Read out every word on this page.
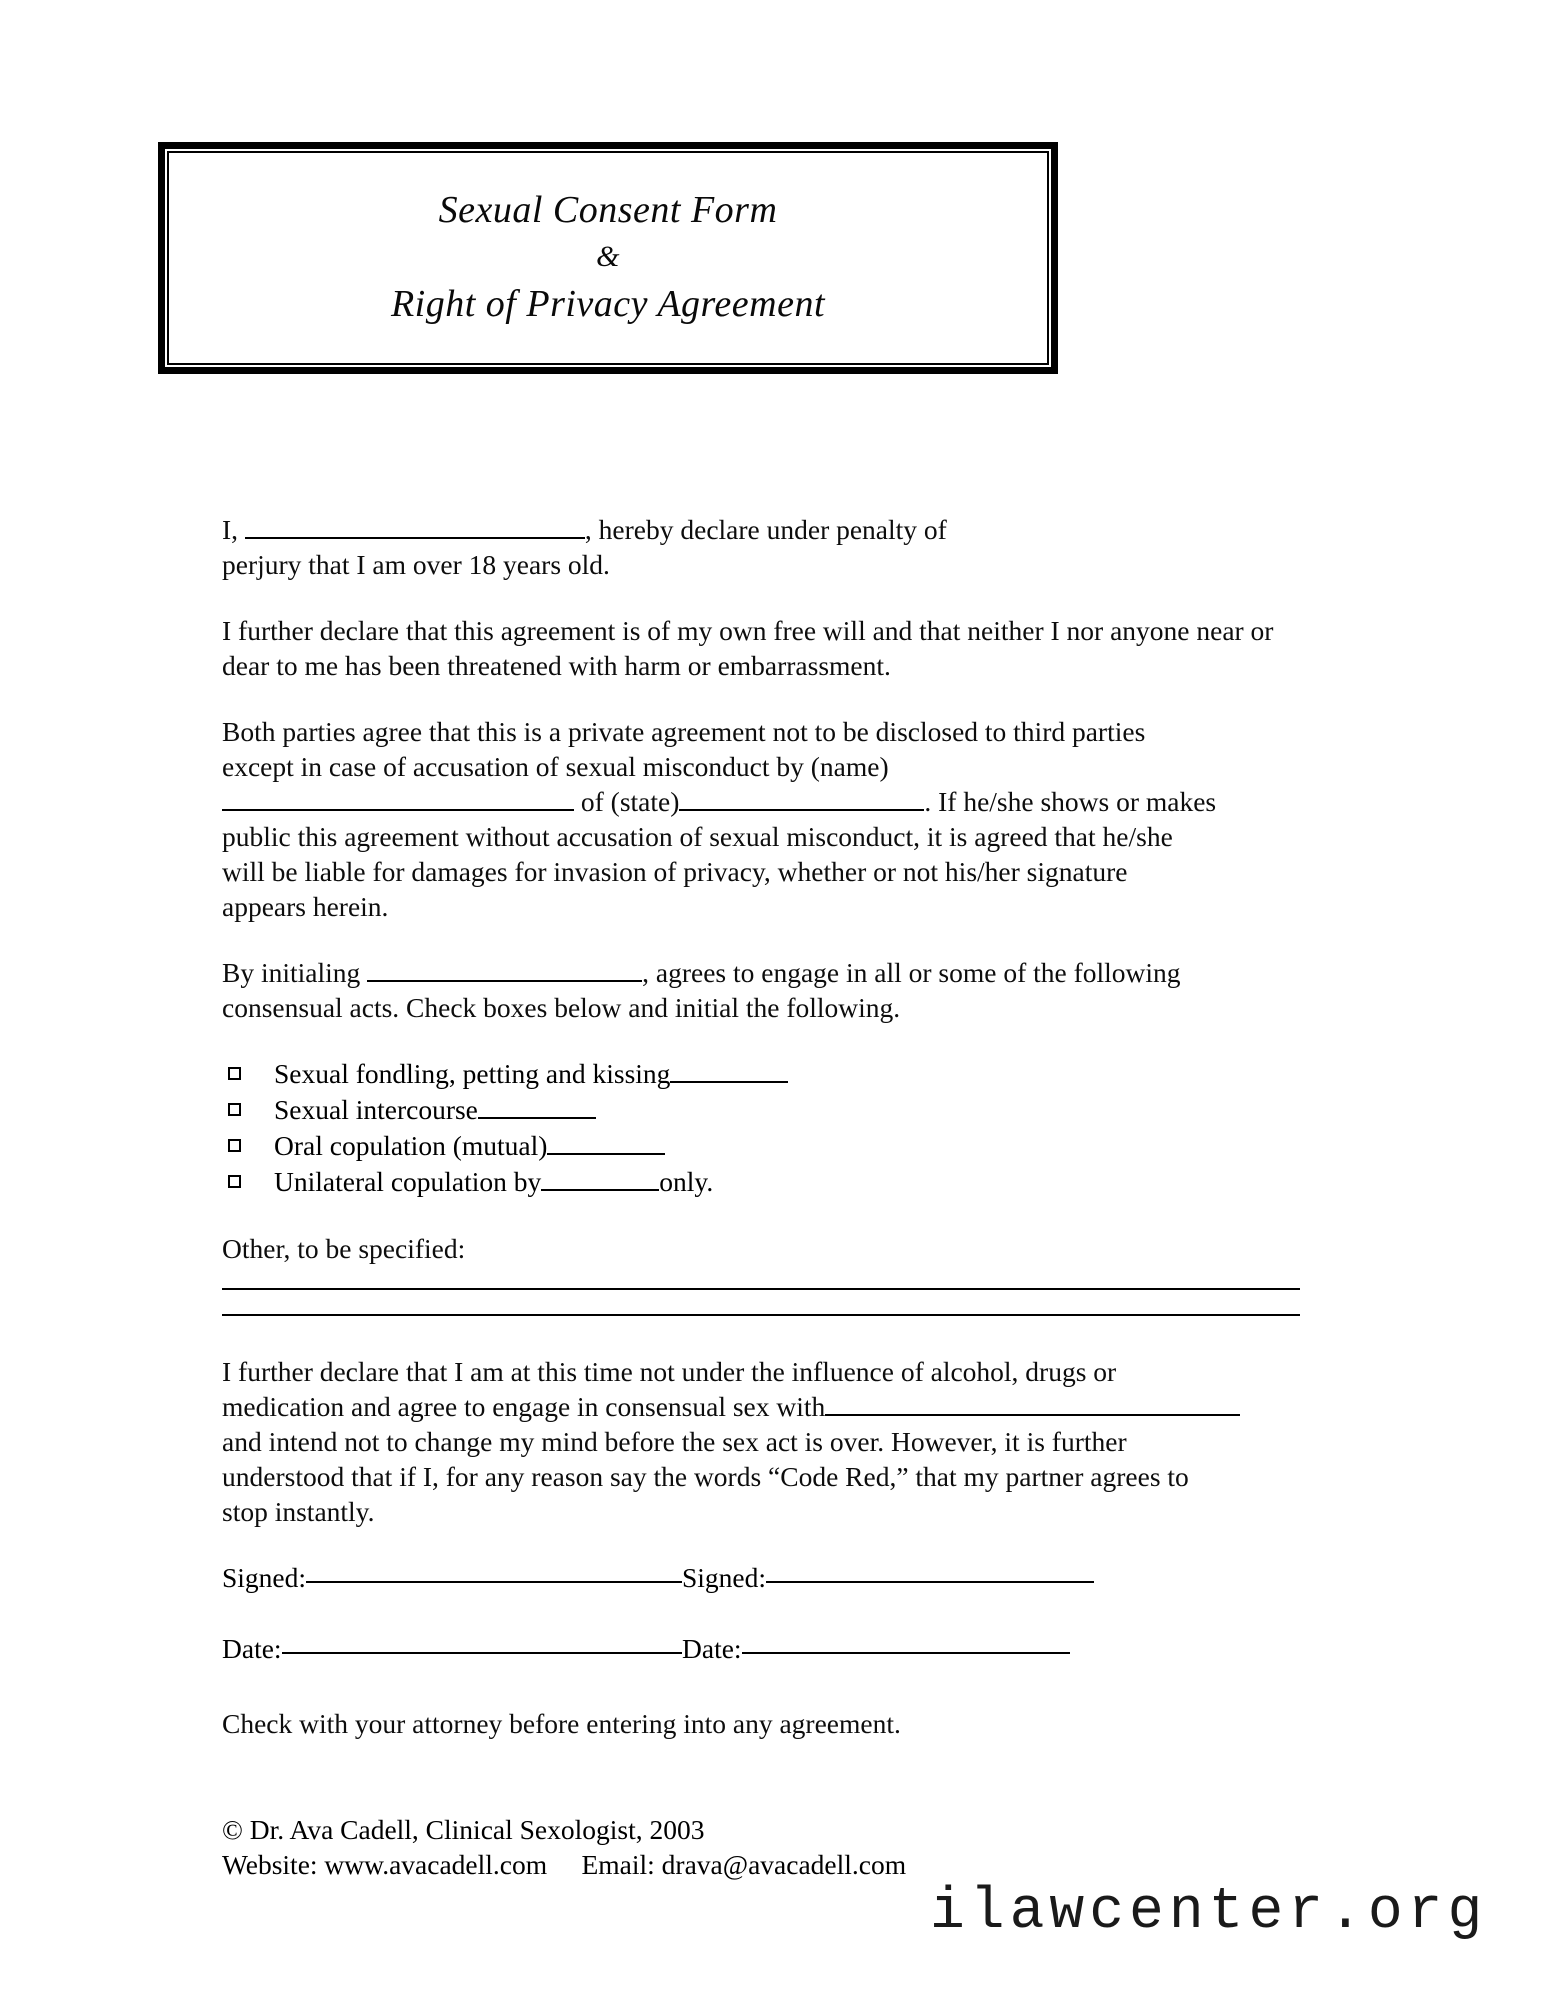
Sexual Consent Form
&
Right of Privacy Agreement

I,	, hereby declare under penalty of
perjury that I am over 18 years old.

I further declare that this agreement is of my own free will and that neither I nor anyone near or dear to me has been threatened with harm or embarrassment.

Both parties agree that this is a private agreement not to be disclosed to third parties
except in case of accusation of sexual misconduct by (name)
of (state)	. If he/she shows or makes
public this agreement without accusation of sexual misconduct, it is agreed that he/she
will be liable for damages for invasion of privacy, whether or not his/her signature
appears herein.

By initialing	, agrees to engage in all or some of the following
consensual acts. Check boxes below and initial the following.

Sexual fondling, petting and kissing
Sexual intercourse
Oral copulation (mutual)
Unilateral copulation by	only.

Other, to be specified:

I further declare that I am at this time not under the influence of alcohol, drugs or
medication and agree to engage in consensual sex with
and intend not to change my mind before the sex act is over. However, it is further
understood that if I, for any reason say the words “Code Red,” that my partner agrees to
stop instantly.

Signed:	Signed:
Date:	Date:

Check with your attorney before entering into any agreement.

© Dr. Ava Cadell, Clinical Sexologist, 2003
Website: www.avacadell.com     Email: drava@avacadell.com
ilawcenter.org
